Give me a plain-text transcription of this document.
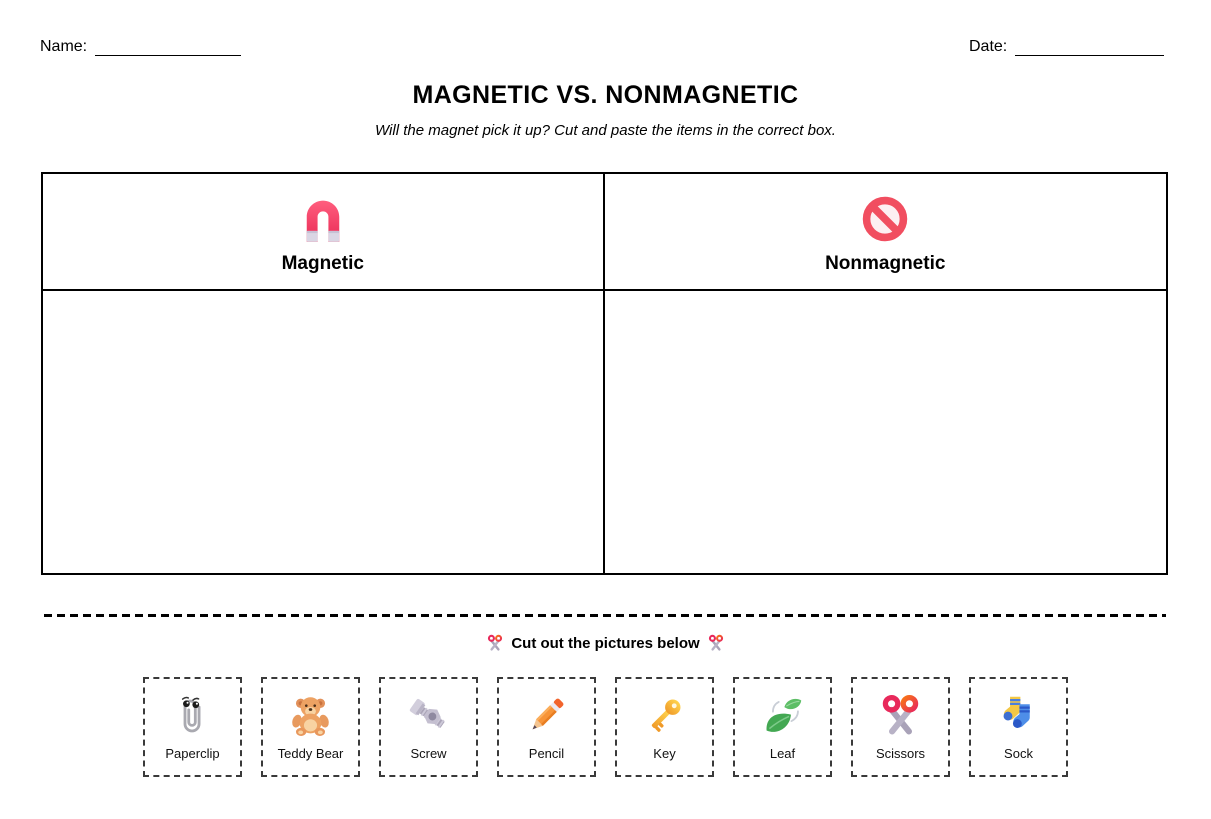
Name:	Date:
MAGNETIC VS. NONMAGNETIC
Will the magnet pick it up? Cut and paste the items in the correct box.
Magnetic	Nonmagnetic
Cut out the pictures below
Paperclip	Teddy Bear	Screw	Pencil	Key	Leaf	Scissors	Sock
